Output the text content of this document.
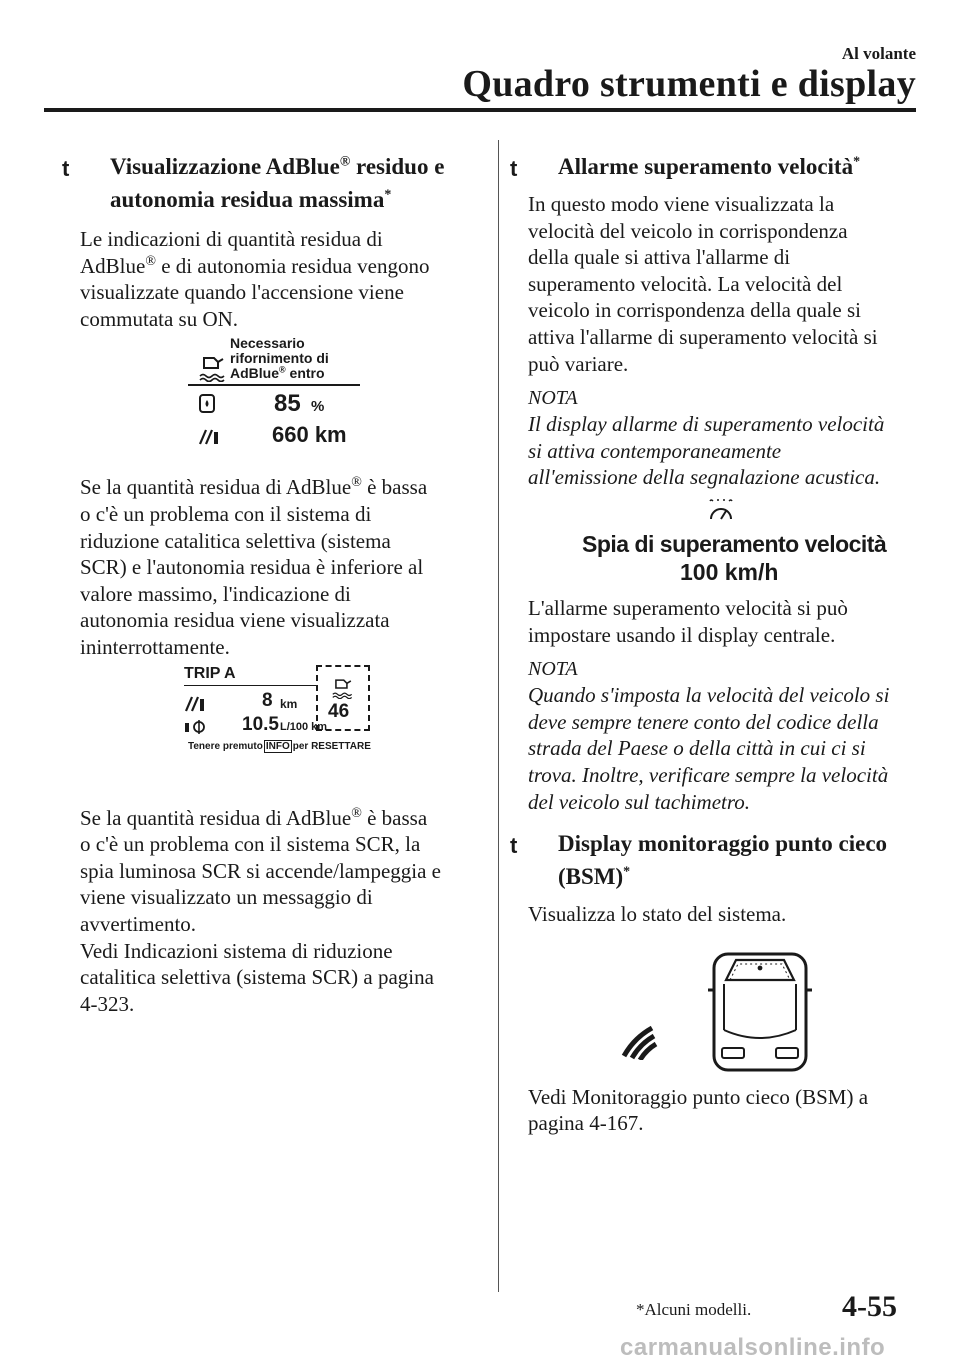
Al volante
Quadro strumenti e display
t Visualizzazione AdBlue® residuo e
autonomia residua massima*

Le indicazioni di quantità residua di
AdBlue® e di autonomia residua vengono
visualizzate quando l'accensione viene
commutata su ON.

Necessario
rifornimento di
AdBlue® entro
85 %
660 km

Se la quantità residua di AdBlue® è bassa
o c'è un problema con il sistema di
riduzione catalitica selettiva (sistema
SCR) e l'autonomia residua è inferiore al
valore massimo, l'indicazione di
autonomia residua viene visualizzata
ininterrottamente.

TRIP A
8 km
10.5 L/100 km
46
Tenere premuto INFO per RESETTARE

Se la quantità residua di AdBlue® è bassa
o c'è un problema con il sistema SCR, la
spia luminosa SCR si accende/lampeggia e
viene visualizzato un messaggio di
avvertimento.
Vedi Indicazioni sistema di riduzione
catalitica selettiva (sistema SCR) a pagina
4-323.

t Allarme superamento velocità*

In questo modo viene visualizzata la
velocità del veicolo in corrispondenza
della quale si attiva l'allarme di
superamento velocità. La velocità del
veicolo in corrispondenza della quale si
attiva l'allarme di superamento velocità si
può variare.

NOTA

Il display allarme di superamento velocità
si attiva contemporaneamente
all'emissione della segnalazione acustica.

Spia di superamento velocità
100 km/h

L'allarme superamento velocità si può
impostare usando il display centrale.

NOTA

Quando s'imposta la velocità del veicolo si
deve sempre tenere conto del codice della
strada del Paese o della città in cui ci si
trova. Inoltre, verificare sempre la velocità
del veicolo sul tachimetro.

t Display monitoraggio punto cieco
(BSM)*

Visualizza lo stato del sistema.

Vedi Monitoraggio punto cieco (BSM) a
pagina 4-167.

*Alcuni modelli.	4-55
carmanualsonline.info
